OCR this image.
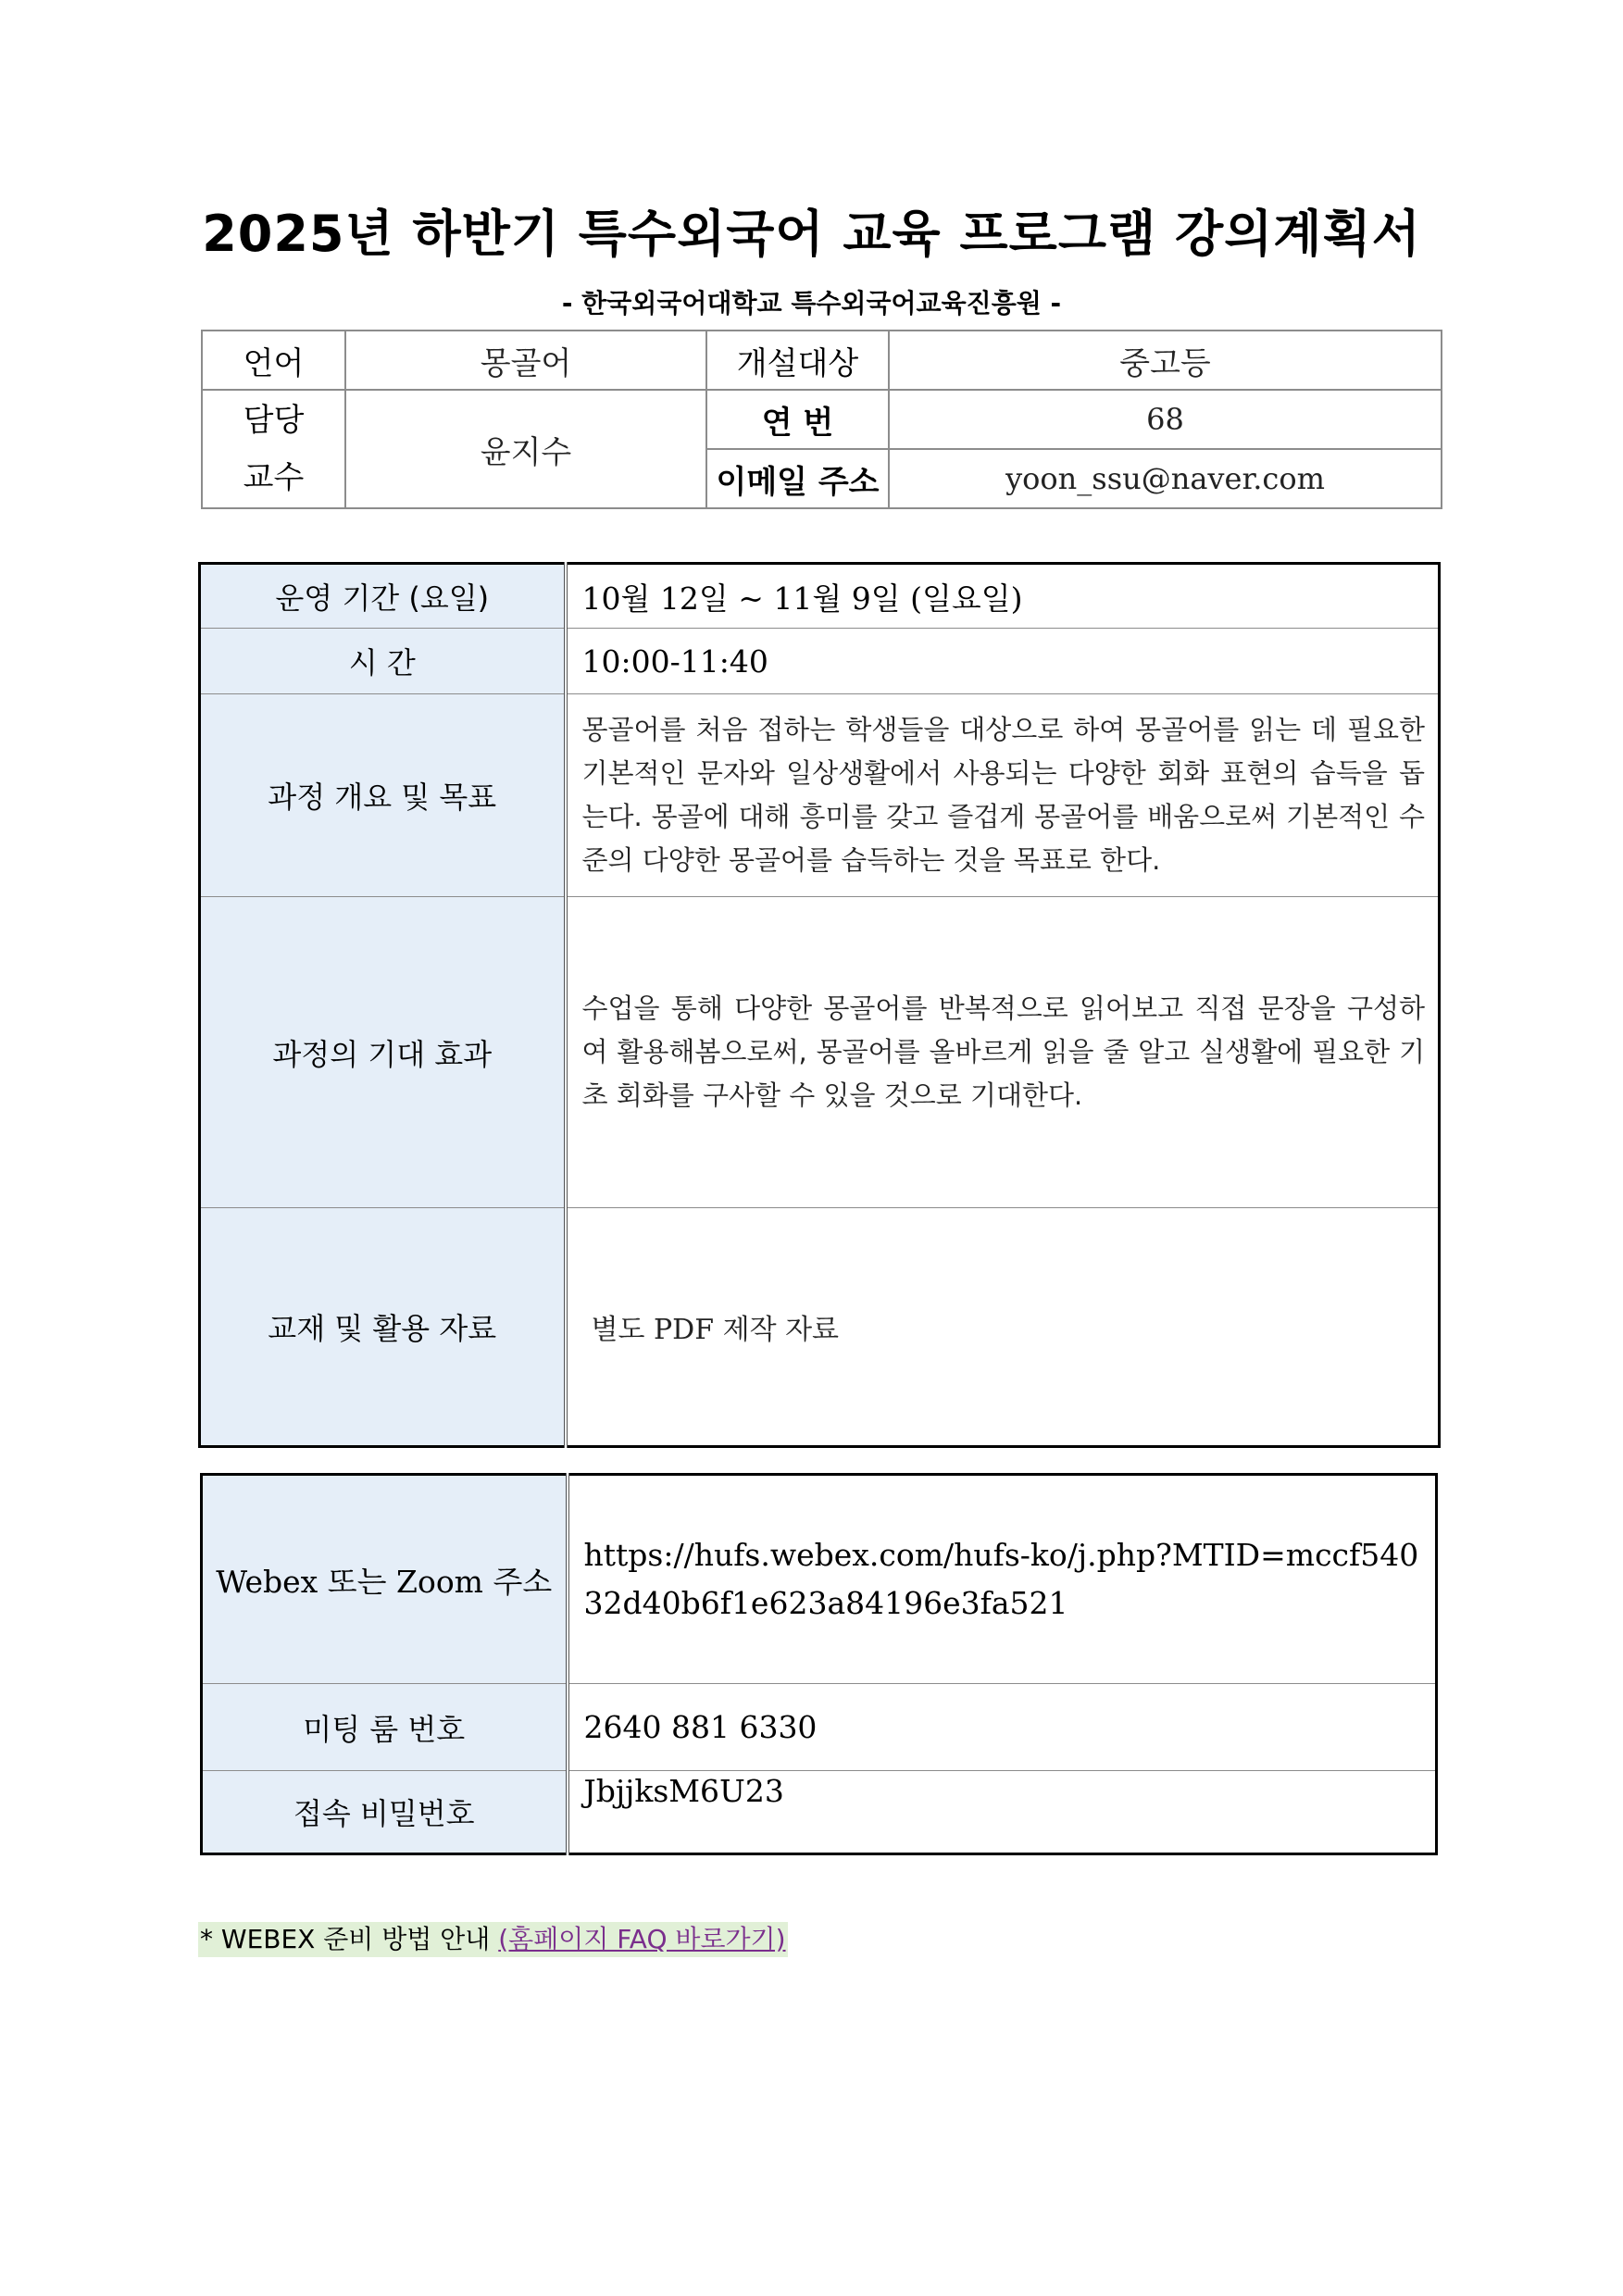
2025년 하반기 특수외국어 교육 프로그램 강의계획서
- 한국외국어대학교 특수외국어교육진흥원 -
언어	몽골어	개설대상	중고등

담당
교수	윤지수	연 번	68
		이메일 주소	yoon_ssu@naver.com
운영 기간 (요일)	10월 12일 ~ 11월 9일 (일요일)
시 간	10:00-11:40
과정 개요 및 목표	몽골어를 처음 접하는 학생들을 대상으로 하여 몽골어를 읽는 데 필요한 기본적인 문자와 일상생활에서 사용되는 다양한 회화 표현의 습득을 돕는다. 몽골에 대해 흥미를 갖고 즐겁게 몽골어를 배움으로써 기본적인 수준의 다양한 몽골어를 습득하는 것을 목표로 한다.
과정의 기대 효과	수업을 통해 다양한 몽골어를 반복적으로 읽어보고 직접 문장을 구성하여 활용해봄으로써, 몽골어를 올바르게 읽을 줄 알고 실생활에 필요한 기초 회화를 구사할 수 있을 것으로 기대한다.
교재 및 활용 자료	별도 PDF 제작 자료
Webex 또는 Zoom 주소	https://hufs.webex.com/hufs-ko/j.php?MTID=mccf54032d40b6f1e623a84196e3fa521
미팅 룸 번호	2640 881 6330
접속 비밀번호	JbjjksM6U23
* WEBEX 준비 방법 안내 (홈페이지 FAQ 바로가기)
